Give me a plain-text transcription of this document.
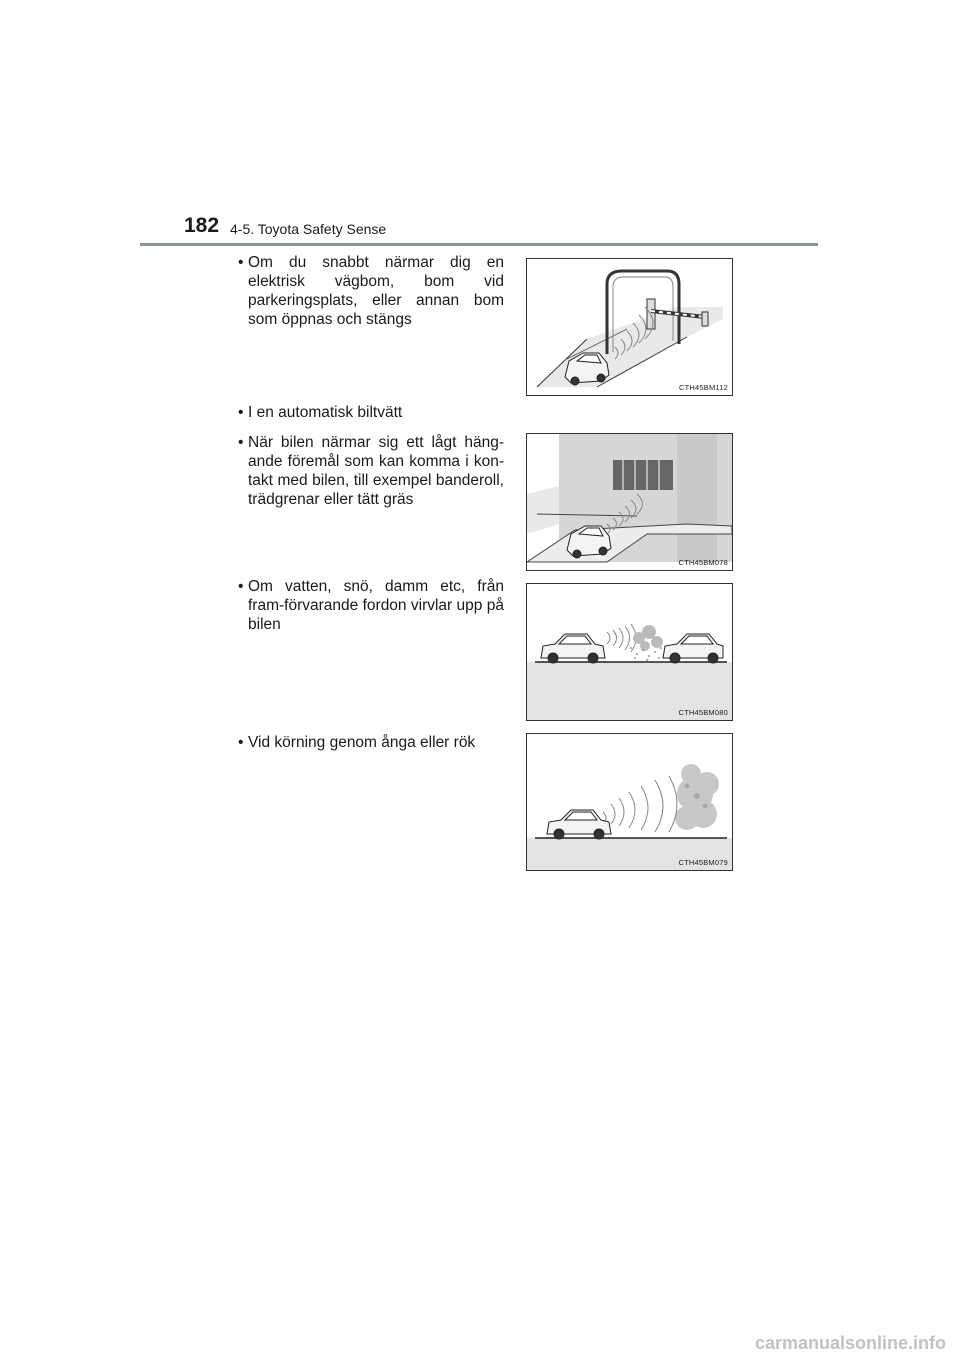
182 4-5. Toyota Safety Sense
• Om du snabbt närmar dig en elektrisk vägbom, bom vid parkeringsplats, eller annan bom som öppnas och stängs
• I en automatisk biltvätt
• När bilen närmar sig ett lågt häng-ande föremål som kan komma i kon-takt med bilen, till exempel banderoll, trädgrenar eller tätt gräs
• Om vatten, snö, damm etc, från fram-förvarande fordon virvlar upp på bilen
• Vid körning genom ånga eller rök
CTH45BM112
CTH45BM078
CTH45BM080
CTH45BM079
carmanualsonline.info
